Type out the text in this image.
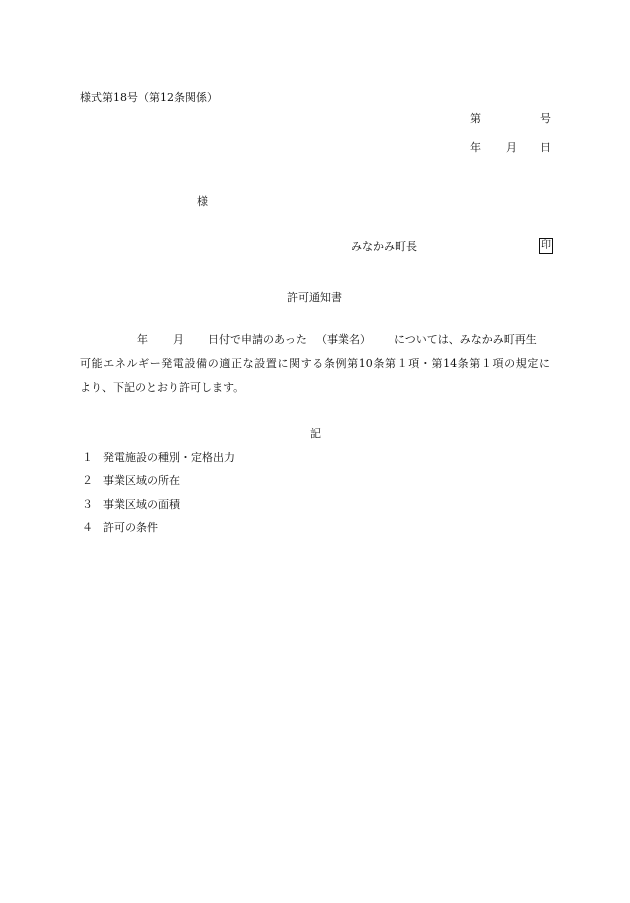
様式第18号（第12条関係）
第	号
年 月 日
様
みなかみ町長	印
許可通知書
年 月 日付で申請のあった （事業名） については、みなかみ町再生
可能エネルギー発電設備の適正な設置に関する条例第10条第１項・第14条第１項の規定に
より、下記のとおり許可します。
記
１ 発電施設の種別・定格出力
２ 事業区域の所在
３ 事業区域の面積
４ 許可の条件
